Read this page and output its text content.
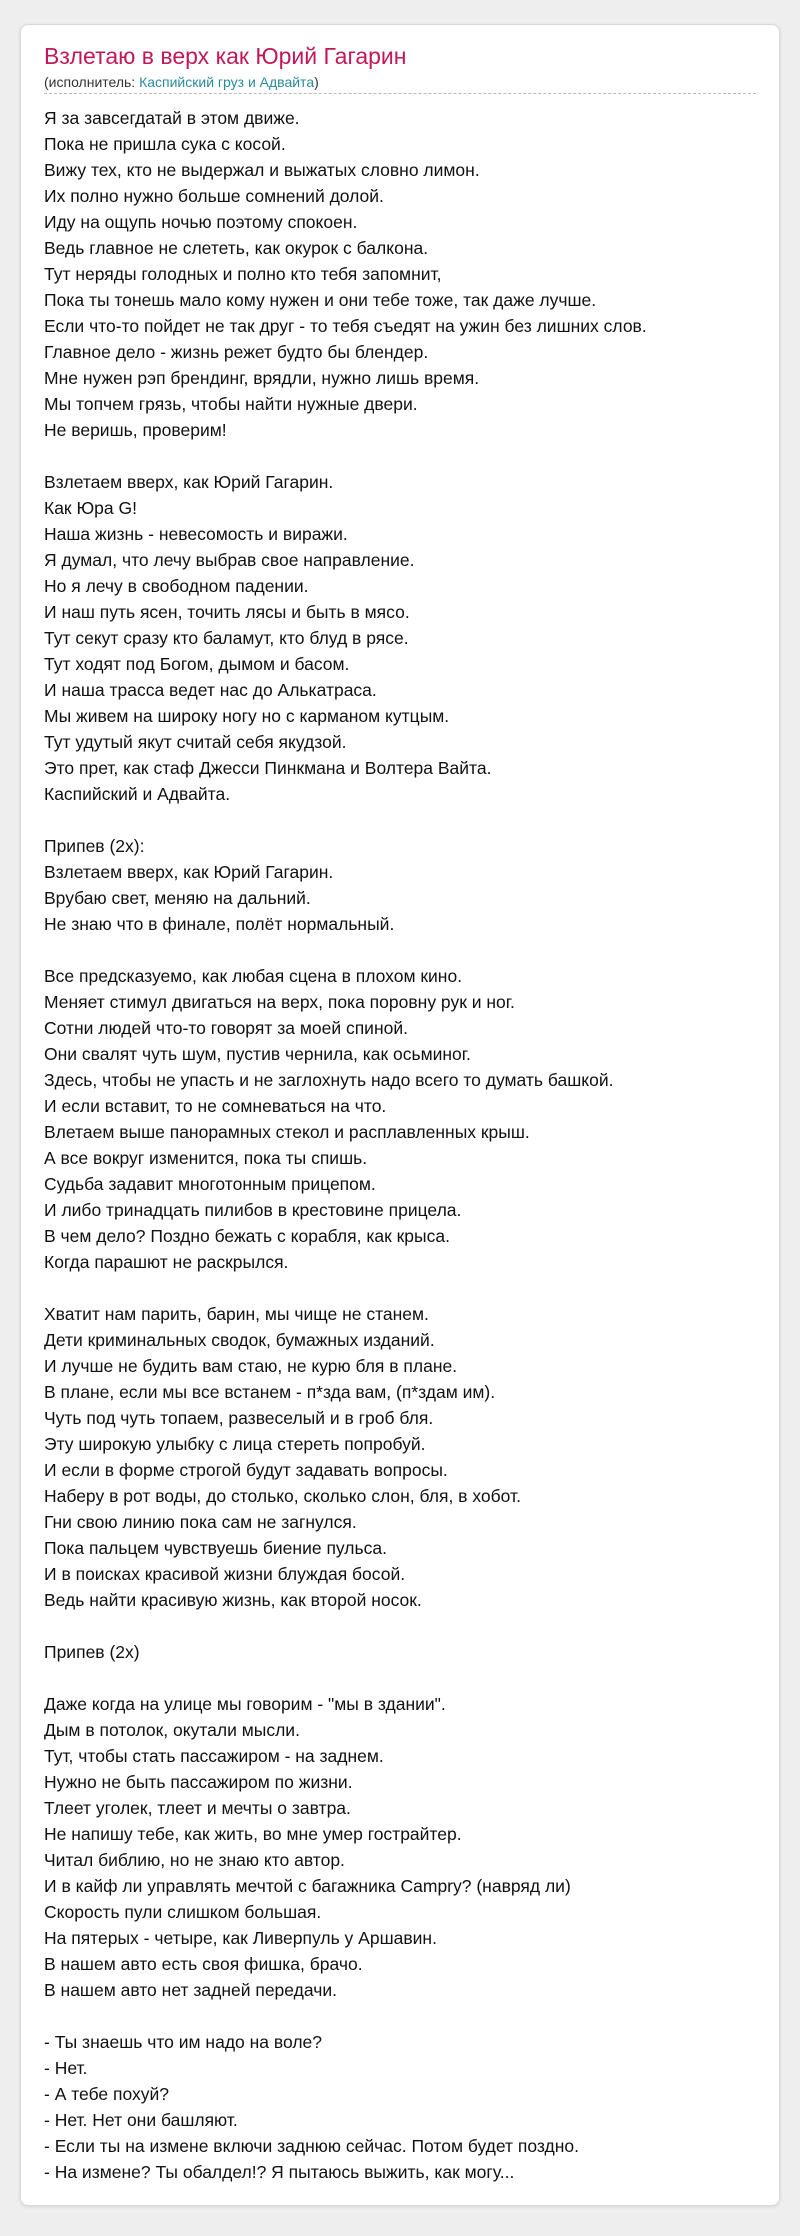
Взлетаю в верх как Юрий Гагарин
(исполнитель: Каспийский груз и Адвайта)
Я за завсегдатай в этом движе.
Пока не пришла сука с косой.
Вижу тех, кто не выдержал и выжатых словно лимон.
Их полно нужно больше сомнений долой.
Иду на ощупь ночью поэтому спокоен.
Ведь главное не слететь, как окурок с балкона.
Тут неряды голодных и полно кто тебя запомнит,
Пока ты тонешь мало кому нужен и они тебе тоже, так даже лучше.
Если что-то пойдет не так друг - то тебя съедят на ужин без лишних слов.
Главное дело - жизнь режет будто бы блендер.
Мне нужен рэп брендинг, врядли, нужно лишь время.
Мы топчем грязь, чтобы найти нужные двери.
Не веришь, проверим!
Взлетаем вверх, как Юрий Гагарин.
Как Юра G!
Наша жизнь - невесомость и виражи.
Я думал, что лечу выбрав свое направление.
Но я лечу в свободном падении.
И наш путь ясен, точить лясы и быть в мясо.
Тут секут сразу кто баламут, кто блуд в рясе.
Тут ходят под Богом, дымом и басом.
И наша трасса ведет нас до Алькатраса.
Мы живем на широку ногу но с карманом кутцым.
Тут удутый якут считай себя якудзой.
Это прет, как стаф Джесси Пинкмана и Волтера Вайта.
Каспийский и Адвайта.
Припев (2х):
Взлетаем вверх, как Юрий Гагарин.
Врубаю свет, меняю на дальний.
Не знаю что в финале, полёт нормальный.
Все предсказуемо, как любая сцена в плохом кино.
Меняет стимул двигаться на верх, пока поровну рук и ног.
Сотни людей что-то говорят за моей спиной.
Они свалят чуть шум, пустив чернила, как осьминог.
Здесь, чтобы не упасть и не заглохнуть надо всего то думать башкой.
И если вставит, то не сомневаться на что.
Влетаем выше панорамных стекол и расплавленных крыш.
А все вокруг изменится, пока ты спишь.
Судьба задавит многотонным прицепом.
И либо тринадцать пилибов в крестовине прицела.
В чем дело? Поздно бежать с корабля, как крыса.
Когда парашют не раскрылся.
Хватит нам парить, барин, мы чище не станем.
Дети криминальных сводок, бумажных изданий.
И лучше не будить вам стаю, не курю бля в плане.
В плане, если мы все встанем - п*зда вам, (п*здам им).
Чуть под чуть топаем, развеселый и в гроб бля.
Эту широкую улыбку с лица стереть попробуй.
И если в форме строгой будут задавать вопросы.
Наберу в рот воды, до столько, сколько слон, бля, в хобот.
Гни свою линию пока сам не загнулся.
Пока пальцем чувствуешь биение пульса.
И в поисках красивой жизни блуждая босой.
Ведь найти красивую жизнь, как второй носок.
Припев (2х)
Даже когда на улице мы говорим - "мы в здании".
Дым в потолок, окутали мысли.
Тут, чтобы стать пассажиром - на заднем.
Нужно не быть пассажиром по жизни.
Тлеет уголек, тлеет и мечты о завтра.
Не напишу тебе, как жить, во мне умер гострайтер.
Читал библию, но не знаю кто автор.
И в кайф ли управлять мечтой с багажника Campry? (навряд ли)
Скорость пули слишком большая.
На пятерых - четыре, как Ливерпуль у Аршавин.
В нашем авто есть своя фишка, брачо.
В нашем авто нет задней передачи.
- Ты знаешь что им надо на воле?
- Нет.
- А тебе похуй?
- Нет. Нет они башляют.
- Если ты на измене включи заднюю сейчас. Потом будет поздно.
- На измене? Ты обалдел!? Я пытаюсь выжить, как могу...
